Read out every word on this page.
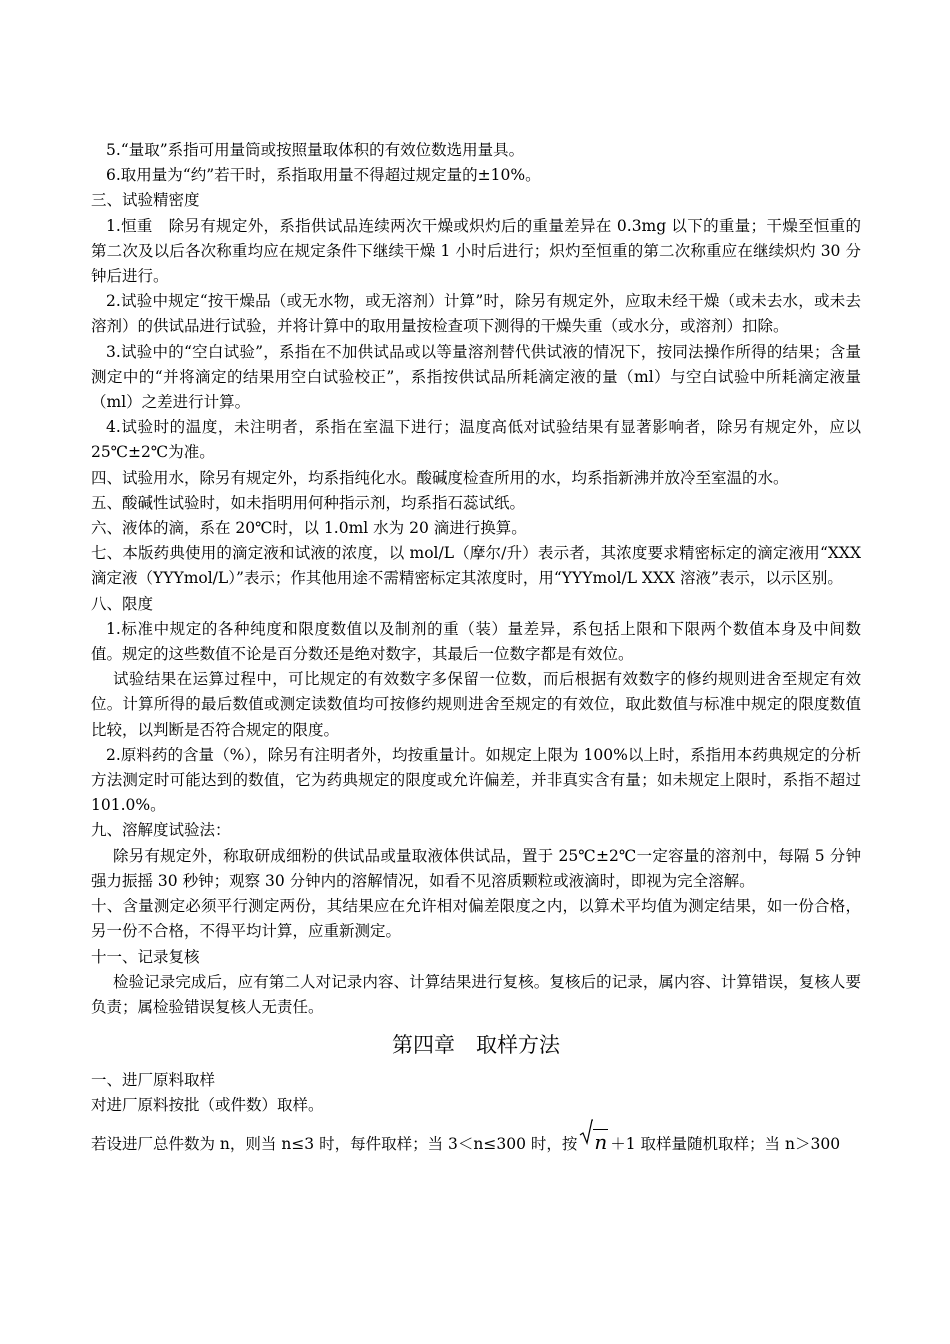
5.“量取”系指可用量筒或按照量取体积的有效位数选用量具。

6.取用量为“约”若干时，系指取用量不得超过规定量的±10%。

三、试验精密度

1.恒重　除另有规定外，系指供试品连续两次干燥或炽灼后的重量差异在 0.3mg 以下的重量；干燥至恒重的第二次及以后各次称重均应在规定条件下继续干燥 1 小时后进行；炽灼至恒重的第二次称重应在继续炽灼 30 分钟后进行。

2.试验中规定“按干燥品（或无水物，或无溶剂）计算”时，除另有规定外，应取未经干燥（或未去水，或未去溶剂）的供试品进行试验，并将计算中的取用量按检查项下测得的干燥失重（或水分，或溶剂）扣除。

3.试验中的“空白试验”，系指在不加供试品或以等量溶剂替代供试液的情况下，按同法操作所得的结果；含量测定中的“并将滴定的结果用空白试验校正”，系指按供试品所耗滴定液的量（ml）与空白试验中所耗滴定液量（ml）之差进行计算。

4.试验时的温度，未注明者，系指在室温下进行；温度高低对试验结果有显著影响者，除另有规定外，应以 25℃±2℃为准。

四、试验用水，除另有规定外，均系指纯化水。酸碱度检查所用的水，均系指新沸并放冷至室温的水。

五、酸碱性试验时，如未指明用何种指示剂，均系指石蕊试纸。

六、液体的滴，系在 20℃时，以 1.0ml 水为 20 滴进行换算。

七、本版药典使用的滴定液和试液的浓度，以 mol/L（摩尔/升）表示者，其浓度要求精密标定的滴定液用“XXX 滴定液（YYYmol/L）”表示；作其他用途不需精密标定其浓度时，用“YYYmol/L XXX 溶液”表示，以示区别。

八、限度

1.标准中规定的各种纯度和限度数值以及制剂的重（装）量差异，系包括上限和下限两个数值本身及中间数值。规定的这些数值不论是百分数还是绝对数字，其最后一位数字都是有效位。

试验结果在运算过程中，可比规定的有效数字多保留一位数，而后根据有效数字的修约规则进舍至规定有效位。计算所得的最后数值或测定读数值均可按修约规则进舍至规定的有效位，取此数值与标准中规定的限度数值比较，以判断是否符合规定的限度。

2.原料药的含量（%），除另有注明者外，均按重量计。如规定上限为 100%以上时，系指用本药典规定的分析方法测定时可能达到的数值，它为药典规定的限度或允许偏差，并非真实含有量；如未规定上限时，系指不超过 101.0%。

九、溶解度试验法：

除另有规定外，称取研成细粉的供试品或量取液体供试品，置于 25℃±2℃一定容量的溶剂中，每隔 5 分钟强力振摇 30 秒钟；观察 30 分钟内的溶解情况，如看不见溶质颗粒或液滴时，即视为完全溶解。

十、含量测定必须平行测定两份，其结果应在允许相对偏差限度之内，以算术平均值为测定结果，如一份合格，另一份不合格，不得平均计算，应重新测定。

十一、记录复核

检验记录完成后，应有第二人对记录内容、计算结果进行复核。复核后的记录，属内容、计算错误，复核人要负责；属检验错误复核人无责任。

第四章　取样方法

一、进厂原料取样

对进厂原料按批（或件数）取样。

若设进厂总件数为 n，则当 n≤3 时，每件取样；当 3＜n≤300 时，按 n ＋1 取样量随机取样；当 n＞300
